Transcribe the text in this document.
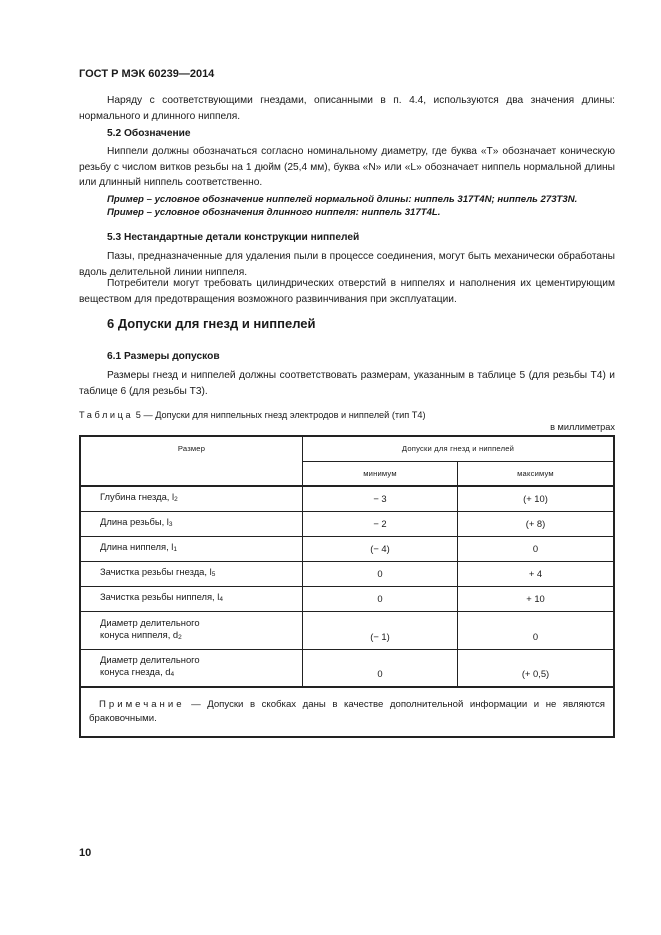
ГОСТ Р МЭК 60239—2014
Наряду с соответствующими гнездами, описанными в п. 4.4, используются два значения длины: нормального и длинного ниппеля.
5.2 Обозначение
Ниппели должны обозначаться согласно номинальному диаметру, где буква «T» обозначает коническую резьбу с числом витков резьбы на 1 дюйм (25,4 мм), буква «N» или «L» обозначает ниппель нормальной длины или длинный ниппель соответственно.
Пример – условное обозначение ниппелей нормальной длины: ниппель 317T4N; ниппель 273T3N.
Пример – условное обозначения длинного ниппеля: ниппель 317T4L.
5.3 Нестандартные детали конструкции ниппелей
Пазы, предназначенные для удаления пыли в процессе соединения, могут быть механически обработаны вдоль делительной линии ниппеля.
Потребители могут требовать цилиндрических отверстий в ниппелях и наполнения их цементирующим веществом для предотвращения возможного развинчивания при эксплуатации.
6 Допуски для гнезд и ниппелей
6.1 Размеры допусков
Размеры гнезд и ниппелей должны соответствовать размерам, указанным в таблице 5 (для резьбы T4) и таблице 6 (для резьбы T3).
Таблица 5 — Допуски для ниппельных гнезд электродов и ниппелей (тип T4)
в миллиметрах
Размер	Допуски для гнезд и ниппелей	
	минимум	максимум
Глубина гнезда, $l_2$	− 3	(+ 10)
Длина резьбы, $l_3$	− 2	(+ 8)
Длина ниппеля, $l_1$	(− 4)	0
Зачистка резьбы гнезда, $l_5$	0	+ 4
Зачистка резьбы ниппеля, $l_4$	0	+ 10

Диаметр делительного
конуса ниппеля, $d_2$	(− 1)	0

Диаметр делительного
конуса гнезда, $d_4$	0	(+ 0,5)
Примечание — Допуски в скобках даны в качестве дополнительной информации и не являются браковочными.		
10
